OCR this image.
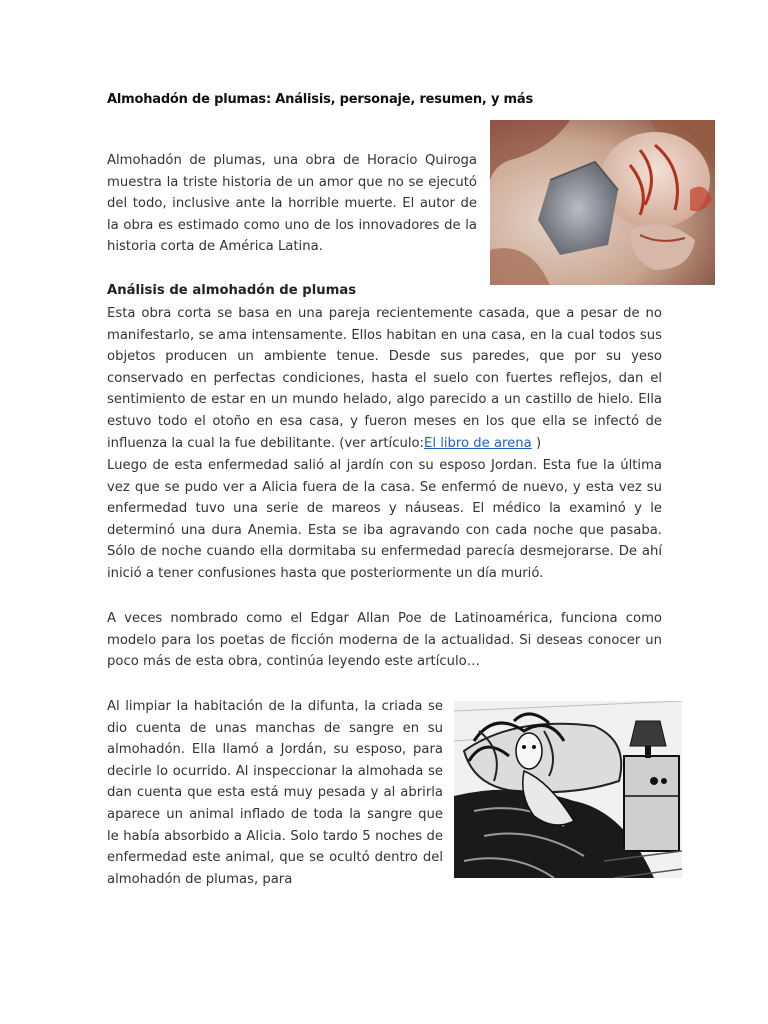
Almohadón de plumas: Análisis, personaje, resumen, y más

Almohadón de plumas, una obra de Horacio Quiroga muestra la triste historia de un amor que no se ejecutó del todo, inclusive ante la horrible muerte. El autor de la obra es estimado como uno de los innovadores de la historia corta de América Latina.

Análisis de almohadón de plumas

Esta obra corta se basa en una pareja recientemente casada, que a pesar de no manifestarlo, se ama intensamente. Ellos habitan en una casa, en la cual todos sus objetos producen un ambiente tenue. Desde sus paredes, que por su yeso conservado en perfectas condiciones, hasta el suelo con fuertes reflejos, dan el sentimiento de estar en un mundo helado, algo parecido a un castillo de hielo. Ella estuvo todo el otoño en esa casa, y fueron meses en los que ella se infectó de influenza la cual la fue debilitante. (ver artículo:El libro de arena )

Luego de esta enfermedad salió al jardín con su esposo Jordan. Esta fue la última vez que se pudo ver a Alicia fuera de la casa. Se enfermó de nuevo, y esta vez su enfermedad tuvo una serie de mareos y náuseas. El médico la examinó y le determinó una dura Anemia. Esta se iba agravando con cada noche que pasaba. Sólo de noche cuando ella dormitaba su enfermedad parecía desmejorarse. De ahí inició a tener confusiones hasta que posteriormente un día murió.

A veces nombrado como el Edgar Allan Poe de Latinoamérica, funciona como modelo para los poetas de ficción moderna de la actualidad. Si deseas conocer un poco más de esta obra, continúa leyendo este artículo…

Al limpiar la habitación de la difunta, la criada se dio cuenta de unas manchas de sangre en su almohadón. Ella llamó a Jordán, su esposo, para decirle lo ocurrido. Al inspeccionar la almohada se dan cuenta que esta está muy pesada y al abrirla aparece un animal inflado de toda la sangre que le había absorbido a Alicia. Solo tardo 5 noches de enfermedad este animal, que se ocultó dentro del almohadón de plumas, para
